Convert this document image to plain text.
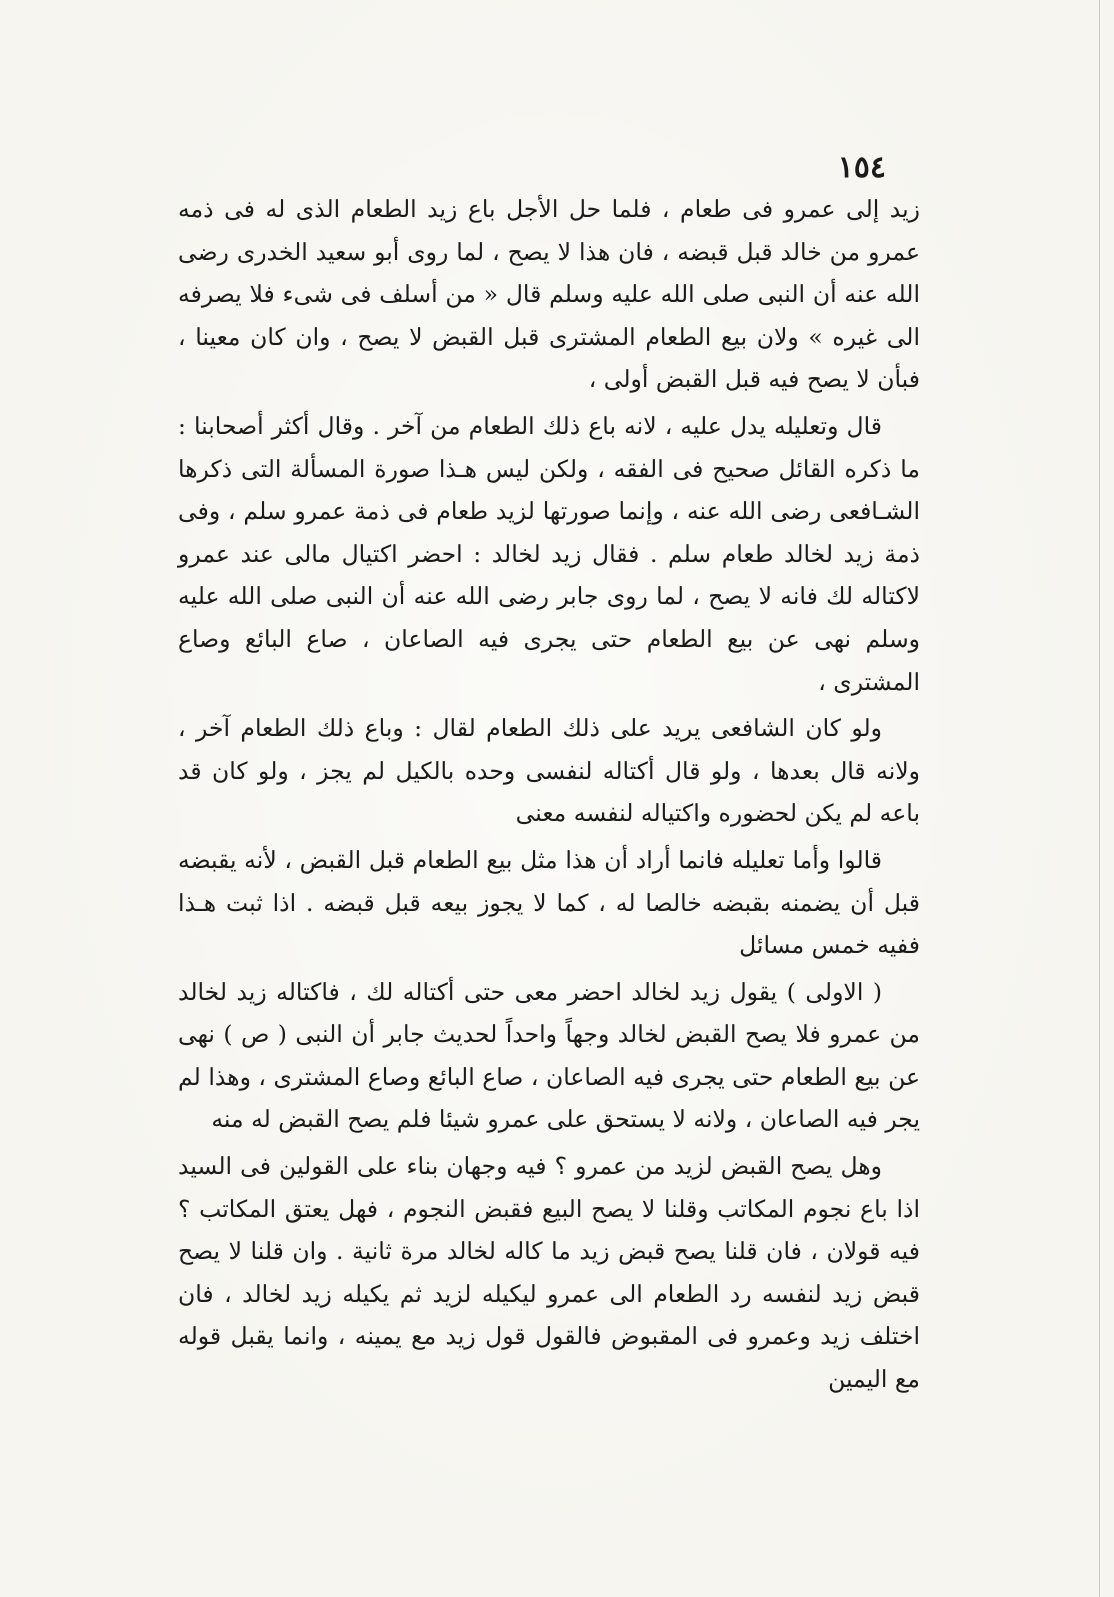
١٥٤

زيد إلى عمرو فى طعام ، فلما حل الأجل باع زيد الطعام الذى له فى ذمه عمرو من خالد قبل قبضه ، فان هذا لا يصح ، لما روى أبو سعيد الخدرى رضى الله عنه أن النبى صلى الله عليه وسلم قال « من أسلف فى شىء فلا يصرفه الى غيره » ولان بيع الطعام المشترى قبل القبض لا يصح ، وان كان معينا ، فبأن لا يصح فيه قبل القبض أولى ،

قال وتعليله يدل عليه ، لانه باع ذلك الطعام من آخر . وقال أكثر أصحابنا : ما ذكره القائل صحيح فى الفقه ، ولكن ليس هـذا صورة المسألة التى ذكرها الشـافعى رضى الله عنه ، وإنما صورتها لزيد طعام فى ذمة عمرو سلم ، وفى ذمة زيد لخالد طعام سلم . فقال زيد لخالد : احضر اكتيال مالى عند عمرو لاكتاله لك فانه لا يصح ، لما روى جابر رضى الله عنه أن النبى صلى الله عليه وسلم نهى عن بيع الطعام حتى يجرى فيه الصاعان ، صاع البائع وصاع المشترى ،

ولو كان الشافعى يريد على ذلك الطعام لقال : وباع ذلك الطعام آخر ، ولانه قال بعدها ، ولو قال أكتاله لنفسى وحده بالكيل لم يجز ، ولو كان قد باعه لم يكن لحضوره واكتياله لنفسه معنى

قالوا وأما تعليله فانما أراد أن هذا مثل بيع الطعام قبل القبض ، لأنه يقبضه قبل أن يضمنه بقبضه خالصا له ، كما لا يجوز بيعه قبل قبضه . اذا ثبت هـذا ففيه خمس مسائل

( الاولى ) يقول زيد لخالد احضر معى حتى أكتاله لك ، فاكتاله زيد لخالد من عمرو فلا يصح القبض لخالد وجهاً واحداً لحديث جابر أن النبى ( ص ) نهى عن بيع الطعام حتى يجرى فيه الصاعان ، صاع البائع وصاع المشترى ، وهذا لم يجر فيه الصاعان ، ولانه لا يستحق على عمرو شيئا فلم يصح القبض له منه

وهل يصح القبض لزيد من عمرو ؟ فيه وجهان بناء على القولين فى السيد اذا باع نجوم المكاتب وقلنا لا يصح البيع فقبض النجوم ، فهل يعتق المكاتب ؟ فيه قولان ، فان قلنا يصح قبض زيد ما كاله لخالد مرة ثانية . وان قلنا لا يصح قبض زيد لنفسه رد الطعام الى عمرو ليكيله لزيد ثم يكيله زيد لخالد ، فان اختلف زيد وعمرو فى المقبوض فالقول قول زيد مع يمينه ، وانما يقبل قوله مع اليمين
